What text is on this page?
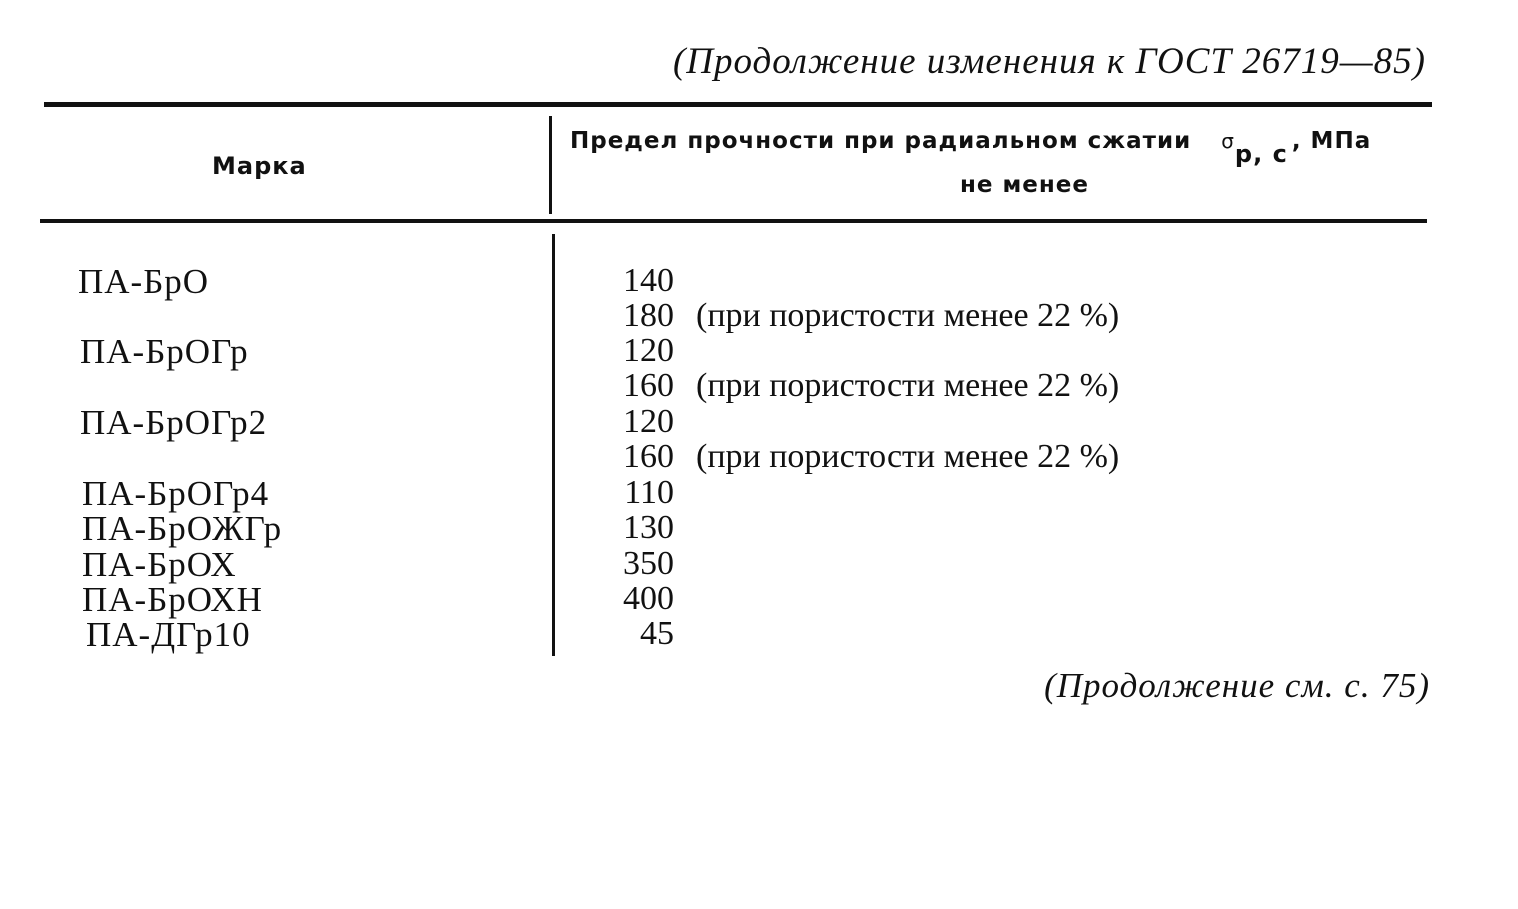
(Продолжение изменения к ГОСТ 26719—85)
Марка
Предел прочности при радиальном сжатии σp, c , МПа
не менее
ПА-БрО
ПА-БрОГр
ПА-БрОГр2
ПА-БрОГр4
ПА-БрОЖГр
ПА-БрОХ
ПА-БрОХН
ПА-ДГр10
140
180 (при пористости менее 22 %)
120
160 (при пористости менее 22 %)
120
160 (при пористости менее 22 %)
110
130
350
400
45
(Продолжение см. с. 75)
